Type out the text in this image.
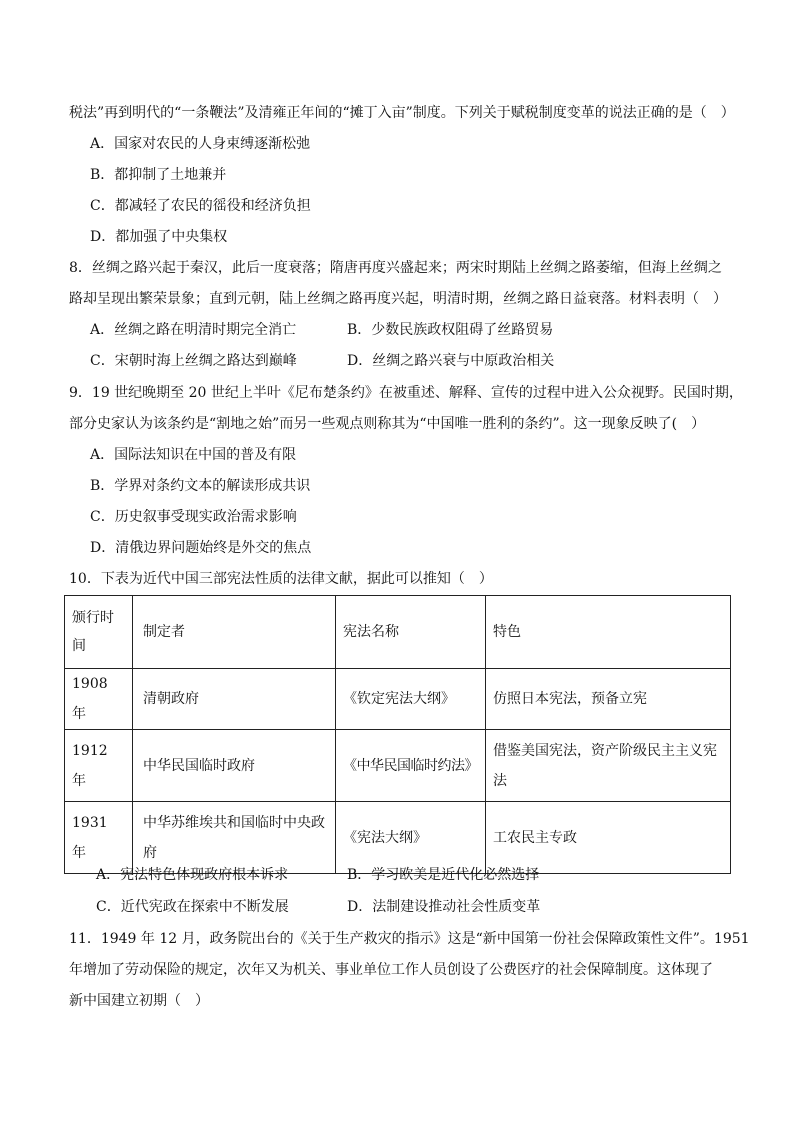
税法”再到明代的“一条鞭法”及清雍正年间的“摊丁入亩”制度。下列关于赋税制度变革的说法正确的是（　）
A．国家对农民的人身束缚逐渐松弛
B．都抑制了土地兼并
C．都减轻了农民的徭役和经济负担
D．都加强了中央集权
8．丝绸之路兴起于秦汉，此后一度衰落；隋唐再度兴盛起来；两宋时期陆上丝绸之路萎缩，但海上丝绸之
路却呈现出繁荣景象；直到元朝，陆上丝绸之路再度兴起，明清时期，丝绸之路日益衰落。材料表明（　）
A．丝绸之路在明清时期完全消亡	B．少数民族政权阻碍了丝路贸易
C．宋朝时海上丝绸之路达到巅峰	D．丝绸之路兴衰与中原政治相关
9．19 世纪晚期至 20 世纪上半叶《尼布楚条约》在被重述、解释、宣传的过程中进入公众视野。民国时期，
部分史家认为该条约是“割地之始”而另一些观点则称其为“中国唯一胜利的条约”。这一现象反映了(　）
A．国际法知识在中国的普及有限
B．学界对条约文本的解读形成共识
C．历史叙事受现实政治需求影响
D．清俄边界问题始终是外交的焦点
10．下表为近代中国三部宪法性质的法律文献，据此可以推知（　）
颁行时间	制定者	宪法名称	特色
1908 年	清朝政府	《钦定宪法大纲》	仿照日本宪法，预备立宪
1912 年	中华民国临时政府	《中华民国临时约法》	借鉴美国宪法，资产阶级民主主义宪法
1931 年	中华苏维埃共和国临时中央政府	《宪法大纲》	工农民主专政
A．宪法特色体现政府根本诉求	B．学习欧美是近代化必然选择
C．近代宪政在探索中不断发展	D．法制建设推动社会性质变革
11．1949 年 12 月，政务院出台的《关于生产救灾的指示》这是“新中国第一份社会保障政策性文件”。1951
年增加了劳动保险的规定，次年又为机关、事业单位工作人员创设了公费医疗的社会保障制度。这体现了
新中国建立初期（　）
